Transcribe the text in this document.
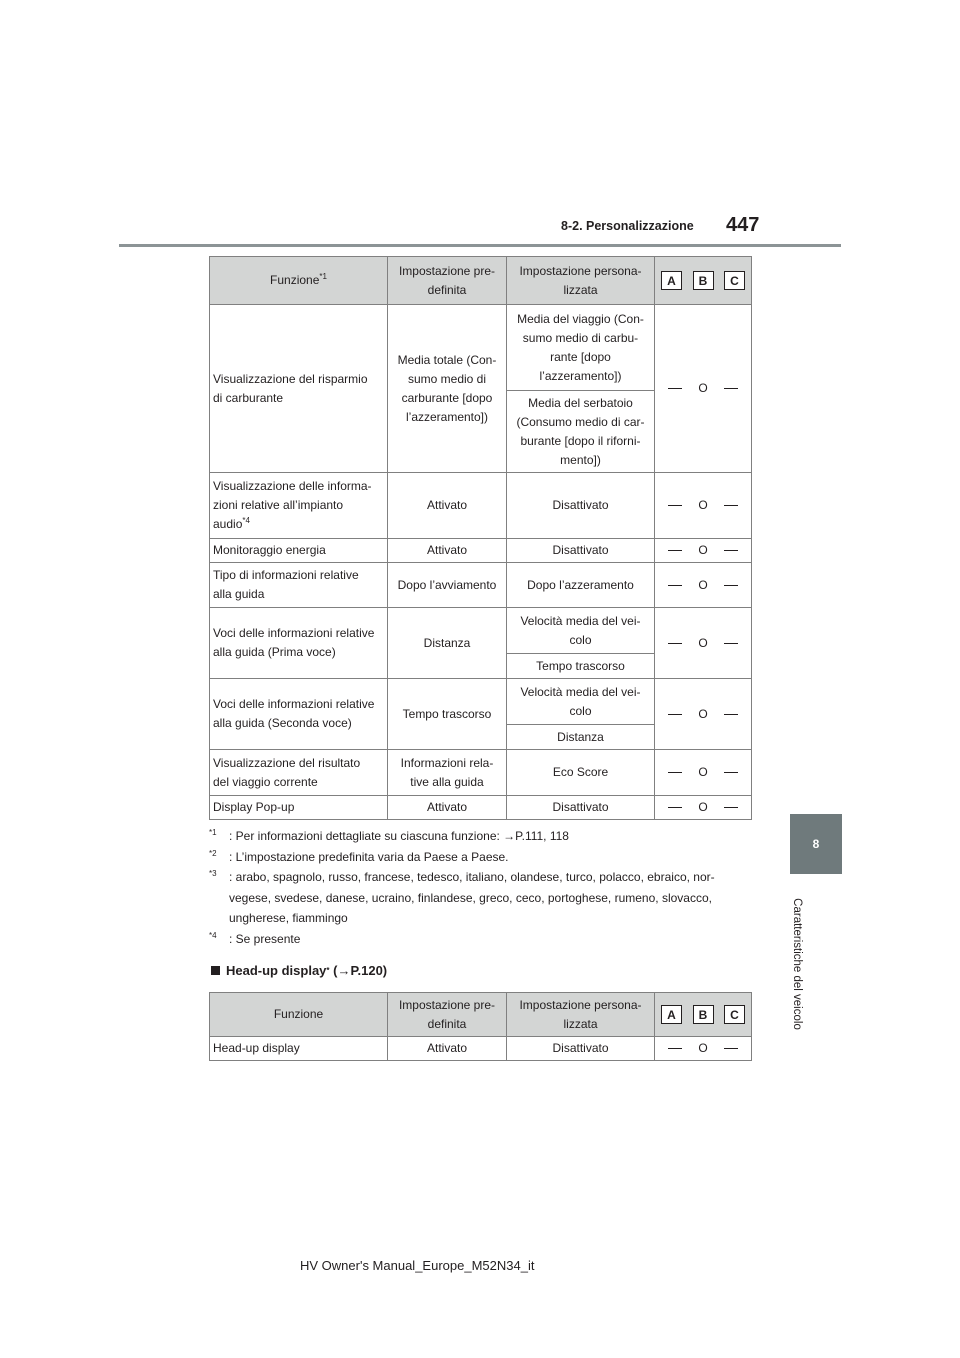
8-2. Personalizzazione 447
8
Caratteristiche del veicolo
Funzione$^{*1}$	Impostazione pre-
definita	Impostazione persona-
lizzata	A B C

Visualizzazione del risparmio
di carburante	Media totale (Con-
sumo medio di
carburante [dopo
l’azzeramento])	Media del viaggio (Con-
sumo medio di carbu-
rante [dopo
l’azzeramento])	O

		Media del serbatoio
(Consumo medio di car-
burante [dopo il riforni-
mento])	
Visualizzazione delle informa-
zioni relative all’impianto
audio$^{*4}$	Attivato	Disattivato	O

Monitoraggio energia	Attivato	Disattivato	O

Tipo di informazioni relative
alla guida	Dopo l’avviamento	Dopo l’azzeramento	O

Voci delle informazioni relative
alla guida (Prima voce)	Distanza	Velocità media del vei-
colo	O

		Tempo trascorso	
Voci delle informazioni relative
alla guida (Seconda voce)	Tempo trascorso	Velocità media del vei-
colo	O

		Distanza	
Visualizzazione del risultato
del viaggio corrente	Informazioni rela-
tive alla guida	Eco Score	O

Display Pop-up	Attivato	Disattivato	O
$^{*1}$	: Per informazioni dettagliate su ciascuna funzione: →P.111, 118
$^{*2}$	: L’impostazione predefinita varia da Paese a Paese.
$^{*3}$	: arabo, spagnolo, russo, francese, tedesco, italiano, olandese, turco, polacco, ebraico, nor-
vegese, svedese, danese, ucraino, finlandese, greco, ceco, portoghese, rumeno, slovacco,
ungherese, fiammingo
$^{*4}$	: Se presente
Head-up display *
(→P.120)
Funzione	Impostazione pre-
definita	Impostazione persona-
lizzata	A B C

Head-up display	Attivato	Disattivato	O
HV Owner's Manual_Europe_M52N34_it
